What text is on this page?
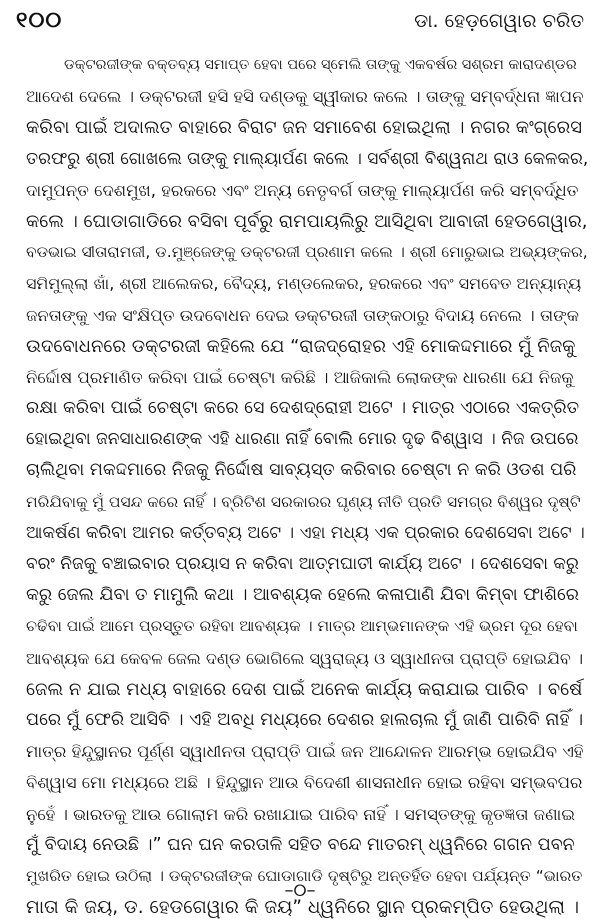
୧୦୦	ଡା. ହେଡ଼ଗେୱାର ଚରିତ
ଡକ୍ଟରଜୀଙ୍କ ବକ୍ତବ୍ୟ ସମାପ୍ତ ହେବା ପରେ ସ୍ମେଲି ତାଙ୍କୁ ଏକବର୍ଷର ସଶ୍ରମ କାରାଦଣ୍ଡର
ଆଦେଶ ଦେଲେ । ଡକ୍ଟରଜୀ ହସି ହସି ଦଣ୍ଡକୁ ସ୍ୱୀକାର କଲେ । ତାଙ୍କୁ ସମ୍ବର୍ଦ୍ଧନା ଜ୍ଞାପନ
କରିବା ପାଇଁ ଅଦାଲତ ବାହାରେ ବିରାଟ ଜନ ସମାବେଶ ହୋଇଥିଲା । ନଗର କଂଗ୍ରେସ
ତରଫରୁ ଶ୍ରୀ ଗୋଖଲେ ତାଙ୍କୁ ମାଲ୍ୟାର୍ପଣ କଲେ । ସର୍ବଶ୍ରୀ ବିଶ୍ୱନାଥ ରାଓ କେଳକର,
ଦାମୁପନ୍ତ ଦେଶମୁଖ, ହରକରେ ଏବଂ ଅନ୍ୟ ନେତୃବର୍ଗ ତାଙ୍କୁ ମାଲ୍ୟାର୍ପଣ କରି ସମ୍ବର୍ଦ୍ଧିତ
କଲେ । ଘୋଡାଗାଡିରେ ବସିବା ପୂର୍ବରୁ ରାମପାୟଲିରୁ ଆସିଥିବା ଆବାଜୀ ହେଡଗେୱାର,
ବଡଭାଇ ସୀତାରାମଜୀ, ଡ.ମୁଞ୍ଜେଙ୍କୁ ଡକ୍ଟରଜୀ ପ୍ରଣାମ କଲେ । ଶ୍ରୀ ମୋରୁଭାଇ ଅଭ୍ୟଙ୍କର,
ସମିମୁଲ୍ଲା ଖାଁ, ଶ୍ରୀ ଆଲେକର, ବୈଦ୍ୟ, ମଣ୍ଡଲେକର, ହରକରେ ଏବଂ ସମବେତ ଅନ୍ୟାନ୍ୟ
ଜନତାଙ୍କୁ ଏକ ସଂକ୍ଷିପ୍ତ ଉଦବୋଧନ ଦେଇ ଡକ୍ଟରଜୀ ତାଙ୍କଠାରୁ ବିଦାୟ ନେଲେ । ତାଙ୍କ
ଉଦବୋଧନରେ ଡକ୍ଟରଜୀ କହିଲେ ଯେ “ରାଜଦ୍ରୋହର ଏହି ମୋକଦ୍ଦମାରେ ମୁଁ ନିଜକୁ
ନିର୍ଦ୍ଦୋଷ ପ୍ରମାଣିତ କରିବା ପାଇଁ ଚେଷ୍ଟା କରିଛି । ଆଜିକାଲି ଲୋକଙ୍କ ଧାରଣା ଯେ ନିଜକୁ
ରକ୍ଷା କରିବା ପାଇଁ ଚେଷ୍ଟା କରେ ସେ ଦେଶଦ୍ରୋହୀ ଅଟେ । ମାତ୍ର ଏଠାରେ ଏକତ୍ରିତ
ହୋଇଥିବା ଜନସାଧାରଣଙ୍କ ଏହି ଧାରଣା ନାହିଁ ବୋଲି ମୋର ଦୃଢ ବିଶ୍ୱାସ । ନିଜ ଉପରେ
ଚାଲିଥିବା ମକଦ୍ଦମାରେ ନିଜକୁ ନିର୍ଦ୍ଦୋଷ ସାବ୍ୟସ୍ତ କରିବାର ଚେଷ୍ଟା ନ କରି ଓଡଶ ପରି
ମରିଯିବାକୁ ମୁଁ ପସନ୍ଦ କରେ ନାହିଁ । ବ୍ରିଟିଶ ସରକାରର ଘୃଣ୍ୟ ନୀତି ପ୍ରତି ସମଗ୍ର ବିଶ୍ୱର ଦୃଷ୍ଟି
ଆକର୍ଷଣ କରିବା ଆମର କର୍ତ୍ତବ୍ୟ ଅଟେ । ଏହା ମଧ୍ୟ ଏକ ପ୍ରକାର ଦେଶସେବା ଅଟେ ।
ବରଂ ନିଜକୁ ବଞ୍ଚାଇବାର ପ୍ରୟାସ ନ କରିବା ଆତ୍ମଘାତୀ କାର୍ଯ୍ୟ ଅଟେ । ଦେଶସେବା କରୁ
କରୁ ଜେଲ ଯିବା ତ ମାମୁଲି କଥା । ଆବଶ୍ୟକ ହେଲେ କଳାପାଣି ଯିବା କିମ୍ବା ଫାଶିରେ
ଚଢିବା ପାଇଁ ଆମେ ପ୍ରସ୍ତୁତ ରହିବା ଆବଶ୍ୟକ । ମାତ୍ର ଆମ୍ଭମାନଙ୍କ ଏହି ଭ୍ରମ ଦୂର ହେବା
ଆବଶ୍ୟକ ଯେ କେବଳ ଜେଲ ଦଣ୍ଡ ଭୋଗିଲେ ସ୍ୱରାଜ୍ୟ ଓ ସ୍ୱାଧୀନତା ପ୍ରାପ୍ତି ହୋଇଯିବ ।
ଜେଲ ନ ଯାଇ ମଧ୍ୟ ବାହାରେ ଦେଶ ପାଇଁ ଅନେକ କାର୍ଯ୍ୟ କରାଯାଇ ପାରିବ । ବର୍ଷେ
ପରେ ମୁଁ ଫେରି ଆସିବି । ଏହି ଅବଧି ମଧ୍ୟରେ ଦେଶର ହାଲଚାଲ ମୁଁ ଜାଣି ପାରିବି ନାହିଁ ।
ମାତ୍ର ହିନ୍ଦୁସ୍ଥାନର ପୂର୍ଣ୍ଣ ସ୍ୱାଧୀନତା ପ୍ରାପ୍ତି ପାଇଁ ଜନ ଆନ୍ଦୋଳନ ଆରମ୍ଭ ହୋଇଯିବ ଏହି
ବିଶ୍ୱାସ ମୋ ମଧ୍ୟରେ ଅଛି । ହିନ୍ଦୁସ୍ଥାନ ଆଉ ବିଦେଶୀ ଶାସନାଧୀନ ହୋଇ ରହିବା ସମ୍ଭବପର
ନୁହେଁ । ଭାରତକୁ ଆଉ ଗୋଲାମ କରି ରଖାଯାଇ ପାରିବ ନାହିଁ । ସମସ୍ତଙ୍କୁ କୃତଜ୍ଞତା ଜଣାଇ
ମୁଁ ବିଦାୟ ନେଉଛି ।” ଘନ ଘନ କରତାଳି ସହିତ ବନ୍ଦେ ମାତରମ୍ ଧ୍ୱନିରେ ଗଗନ ପବନ
ମୁଖରିତ ହୋଇ ଉଠିଲା । ଡକ୍ଟରଜୀଙ୍କ ଘୋଡାଗାଡି ଦୃଷ୍ଟିରୁ ଅନ୍ତର୍ହିତ ହେବା ପର୍ଯ୍ୟନ୍ତ “ଭାରତ
ମାତା କି ଜୟ, ଡ. ହେଡଗେୱାର କି ଜୟ” ଧ୍ୱନିରେ ସ୍ଥାନ ପ୍ରକମ୍ପିତ ହେଉଥିଲା ।
–୦–
